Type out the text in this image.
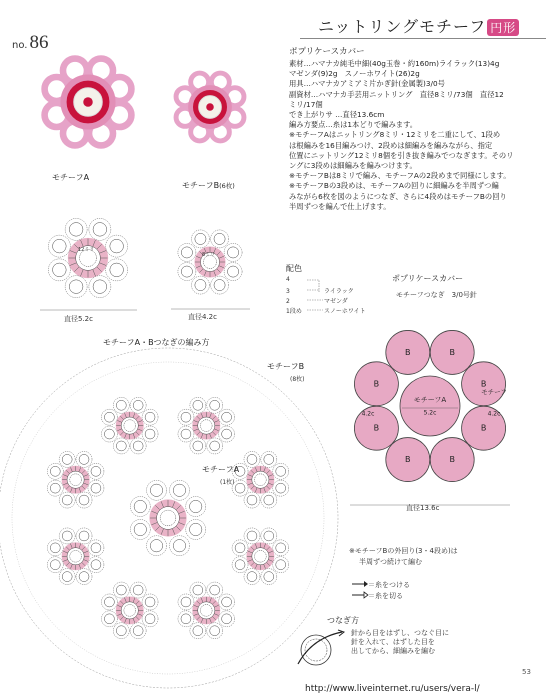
ニットリングモチーフ 円形
no. 86
モチーフA
モチーフB(6枚)
ポプリケースカバー
素材…ハマナカ純毛中細(40g玉巻・約160m)ライラック(13)4g
マゼンダ(9)2g　スノーホワイト(26)2g
用具…ハマナカアミアミ片かぎ針(金属製)3/0号
副資材…ハマナカ手芸用ニットリング　直径8ミリ/73個　直径12
ミリ/17個
でき上がりサ …直径13.6cm
編み方要点…糸は1本どりで編みます。
※モチーフAはニットリング8ミリ・12ミリを二重にして、1段め
は根編みを16目編みつけ、2段めは細編みを編みながら、指定
位置にニットリング12ミリ8個を引き抜き編みでつなぎます。そのリ
ングに3段めは細編みを編みつけます。
※モチーフBは8ミリで編み、モチーフAの2段めまで同様にします。
※モチーフBの3段めは、モチーフAの回りに細編みを半周ずつ編
みながら6枚を図のようにつなぎ、さらに4段めはモチーフBの回り
半周ずつを編んで仕上げます。
直径5.2c	直径4.2c
12ミリ
8ミリ
モチーフA・Bつなぎの編み方
モチーフB
(8枚)
モチーフA
(1枚)
配色
4
3	ライラック
2	マゼンダ
1段め	スノーホワイト
ポプリケースカバー
モチーフつなぎ　3/0号針
B
B
B
B
B
B	B
B
モチーフA
5.2c
4.2c
モチーフ
4.2c
直径13.6c
※モチーフBの外回り(3・4段め)は
半周ずつ続けて編む
＝糸をつける
＝糸を切る
つなぎ方
針から目をはずし、つなぐ目に
針を入れて、はずした目を
出してから、細編みを編む
53
http://www.liveinternet.ru/users/vera-l/
